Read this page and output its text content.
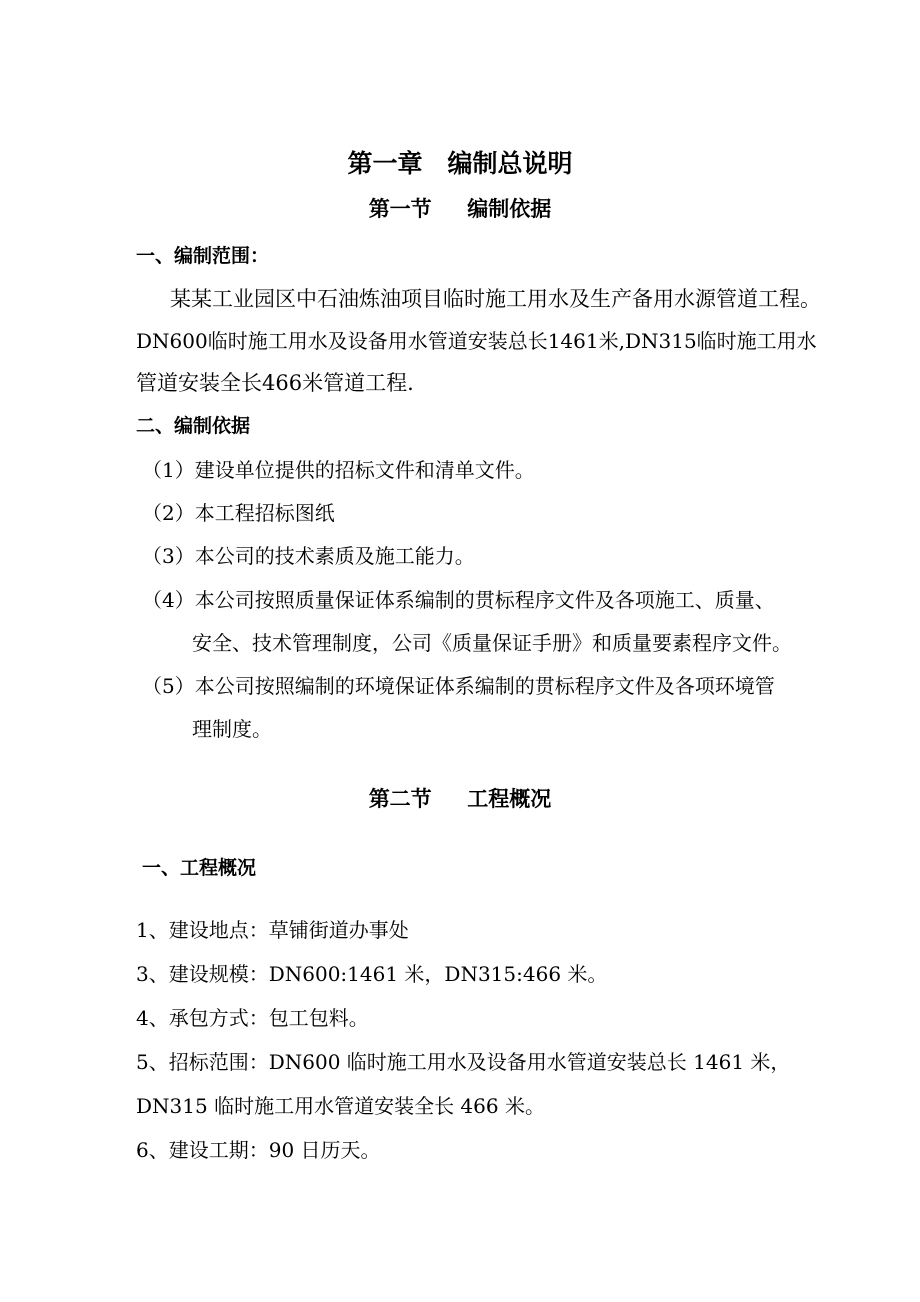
第一章　编制总说明
第一节　  编制依据
一、编制范围：
某某工业园区中石油炼油项目临时施工用水及生产备用水源管道工程。
DN600临时施工用水及设备用水管道安装总长1461米,DN315临时施工用水
管道安装全长466米管道工程.
二、编制依据
（1）建设单位提供的招标文件和清单文件。
（2）本工程招标图纸
（3）本公司的技术素质及施工能力。
（4）本公司按照质量保证体系编制的贯标程序文件及各项施工、质量、
安全、技术管理制度，公司《质量保证手册》和质量要素程序文件。
（5）本公司按照编制的环境保证体系编制的贯标程序文件及各项环境管
理制度。
第二节　  工程概况
一、工程概况
1、建设地点：草铺街道办事处
3、建设规模：DN600:1461 米，DN315:466 米。
4、承包方式：包工包料。
5、招标范围：DN600 临时施工用水及设备用水管道安装总长 1461 米，
DN315 临时施工用水管道安装全长 466 米。
6、建设工期：90 日历天。
